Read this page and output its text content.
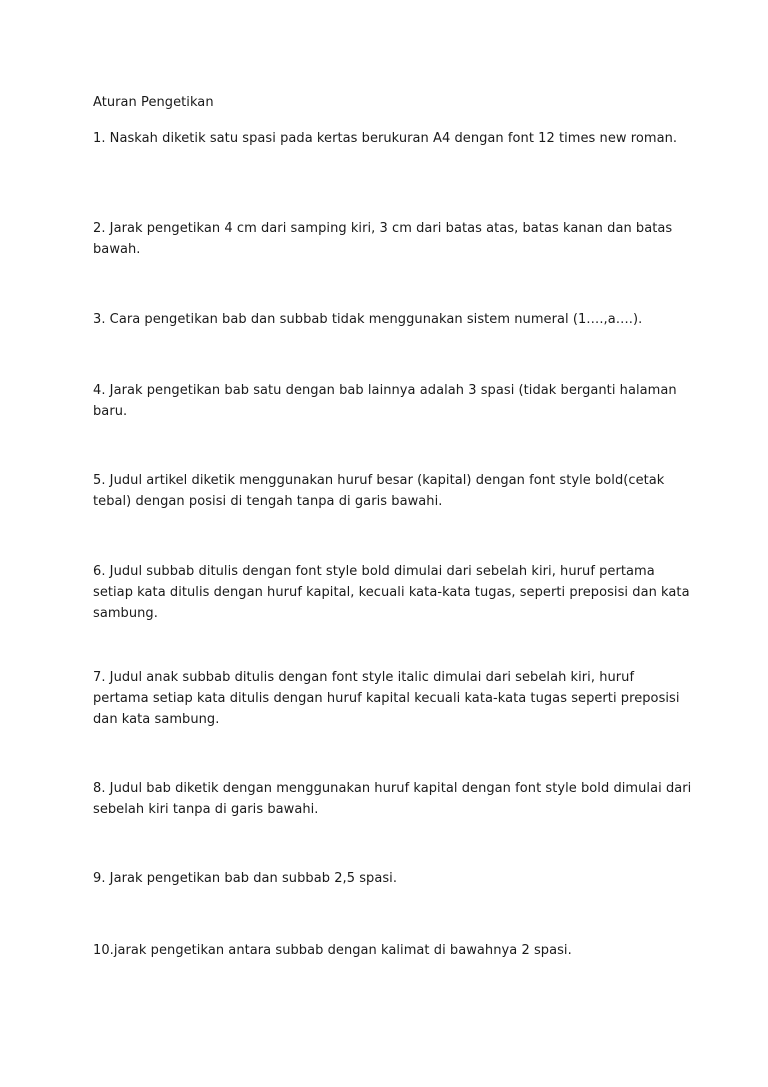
Aturan Pengetikan

1. Naskah diketik satu spasi pada kertas berukuran A4 dengan font 12 times new roman.

2. Jarak pengetikan 4 cm dari samping kiri, 3 cm dari batas atas, batas kanan dan batas bawah.

3. Cara pengetikan bab dan subbab tidak menggunakan sistem numeral (1….,a….).

4. Jarak pengetikan bab satu dengan bab lainnya adalah 3 spasi (tidak berganti halaman baru.

5. Judul artikel diketik menggunakan huruf besar (kapital) dengan font style bold(cetak tebal) dengan posisi di tengah tanpa di garis bawahi.

6. Judul subbab ditulis dengan font style bold dimulai dari sebelah kiri, huruf pertama setiap kata ditulis dengan huruf kapital, kecuali kata-kata tugas, seperti preposisi dan kata sambung.

7. Judul anak subbab ditulis dengan font style italic dimulai dari sebelah kiri, huruf pertama setiap kata ditulis dengan huruf kapital kecuali kata-kata tugas seperti preposisi dan kata sambung.

8. Judul bab diketik dengan menggunakan huruf kapital dengan font style bold dimulai dari sebelah kiri tanpa di garis bawahi.

9. Jarak pengetikan bab dan subbab 2,5 spasi.

10.jarak pengetikan antara subbab dengan kalimat di bawahnya 2 spasi.
